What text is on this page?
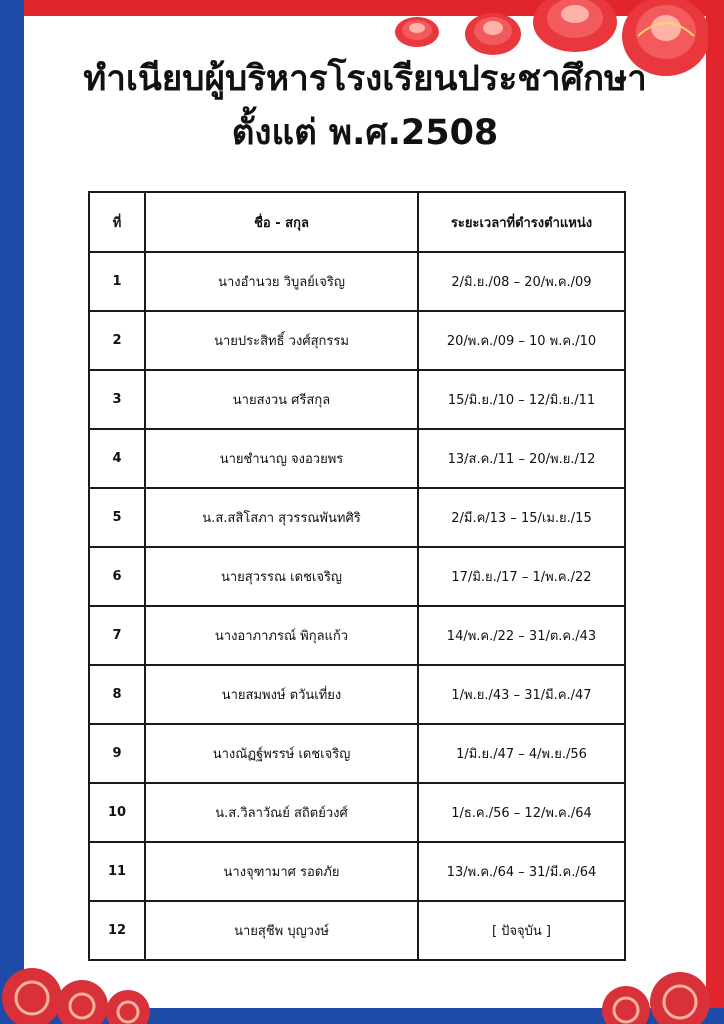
ทำเนียบผู้บริหารโรงเรียนประชาศึกษา
ตั้งแต่ พ.ศ.2508
ที่	ชื่อ - สกุล	ระยะเวลาที่ดำรงตำแหน่ง
1	นางอำนวย วิบูลย์เจริญ	2/มิ.ย./08 – 20/พ.ค./09
2	นายประสิทธิ์ วงศ์สุกรรม	20/พ.ค./09 – 10 พ.ค./10
3	นายสงวน ศรีสกุล	15/มิ.ย./10 – 12/มิ.ย./11
4	นายชำนาญ จงอวยพร	13/ส.ค./11 – 20/พ.ย./12
5	น.ส.สสิโสภา สุวรรณพันทศิริ	2/มี.ค/13 – 15/เม.ย./15
6	นายสุวรรณ เดชเจริญ	17/มิ.ย./17 – 1/พ.ค./22
7	นางอาภาภรณ์ พิกุลแก้ว	14/พ.ค./22 – 31/ต.ค./43
8	นายสมพงษ์ ตวันเที่ยง	1/พ.ย./43 – 31/มี.ค./47
9	นางณัฏฐ์พรรษ์ เดชเจริญ	1/มิ.ย./47 – 4/พ.ย./56
10	น.ส.วิลาวัณย์ สถิตย์วงศ์	1/ธ.ค./56 – 12/พ.ค./64
11	นางจุฑามาศ รอดภัย	13/พ.ค./64 – 31/มี.ค./64
12	นายสุชีพ บุญวงษ์	[ ปัจจุบัน ]
